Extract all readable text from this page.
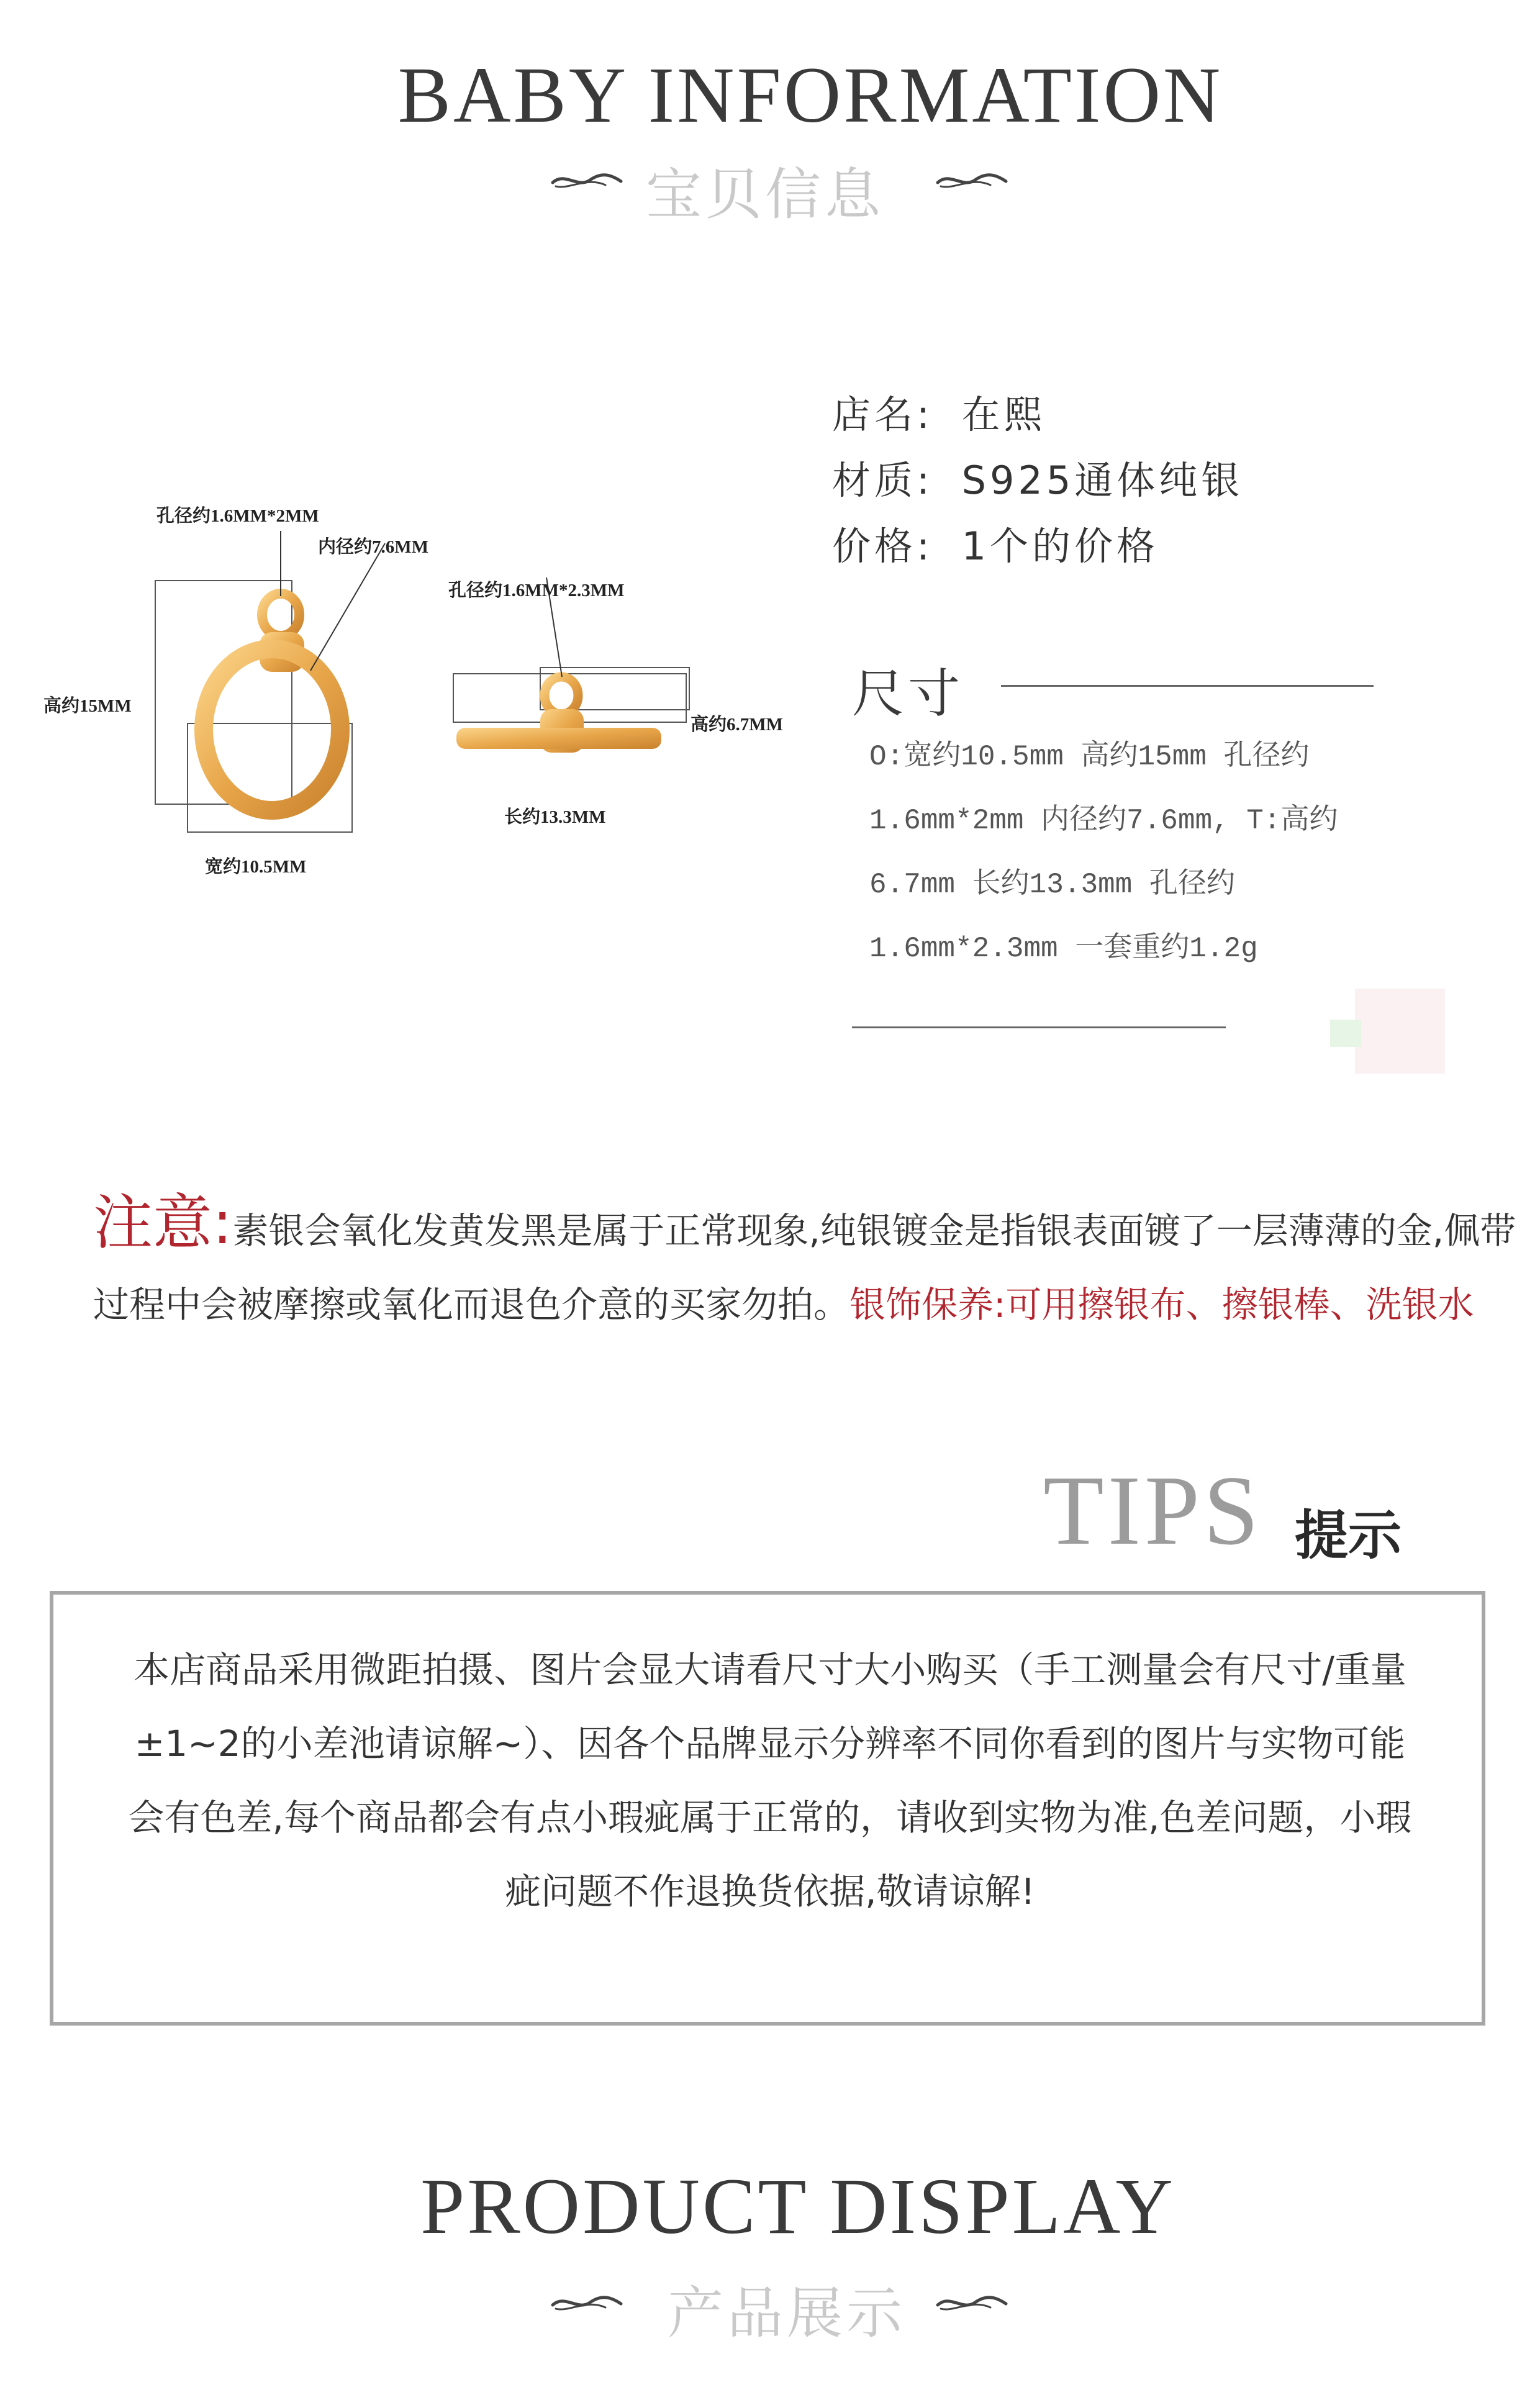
BABY INFORMATION
宝贝信息
店名: 在熙
材质: S925通体纯银
价格: 1个的价格
孔径约1.6MM*2MM
内径约7.6MM
高约15MM
宽约10.5MM
孔径约1.6MM*2.3MM
高约6.7MM
长约13.3MM
尺寸
O:宽约10.5mm 高约15mm 孔径约1.6mm*2mm 内径约7.6mm, T:高约6.7mm 长约13.3mm 孔径约1.6mm*2.3mm 一套重约1.2g
注意:素银会氧化发黄发黑是属于正常现象,纯银镀金是指银表面镀了一层薄薄的金,佩带过程中会被摩擦或氧化而退色介意的买家勿拍。银饰保养:可用擦银布、擦银棒、洗银水
TIPS 提示
本店商品采用微距拍摄、图片会显大请看尺寸大小购买（手工测量会有尺寸/重量±1~2的小差池请谅解~）、因各个品牌显示分辨率不同你看到的图片与实物可能会有色差,每个商品都会有点小瑕疵属于正常的，请收到实物为准,色差问题，小瑕疵问题不作退换货依据,敬请谅解!
PRODUCT DISPLAY
产品展示
